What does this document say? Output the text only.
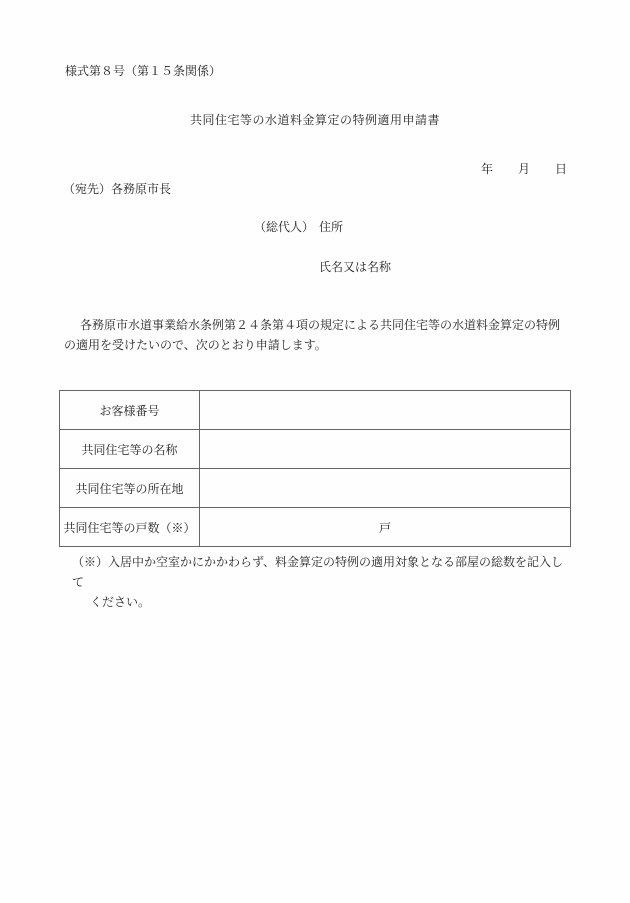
様式第８号（第１５条関係）
共同住宅等の水道料金算定の特例適用申請書
年 月 日
（宛先）各務原市長
（総代人） 住所
氏名又は名称

各務原市水道事業給水条例第２４条第４項の規定による共同住宅等の水道料金算定の特例

の適用を受けたいので、次のとおり申請します。

お客様番号	
共同住宅等の名称	
共同住宅等の所在地	
共同住宅等の戸数（※）	戸

（※）入居中か空室かにかかわらず、料金算定の特例の適用対象となる部屋の総数を記入して

ください。
